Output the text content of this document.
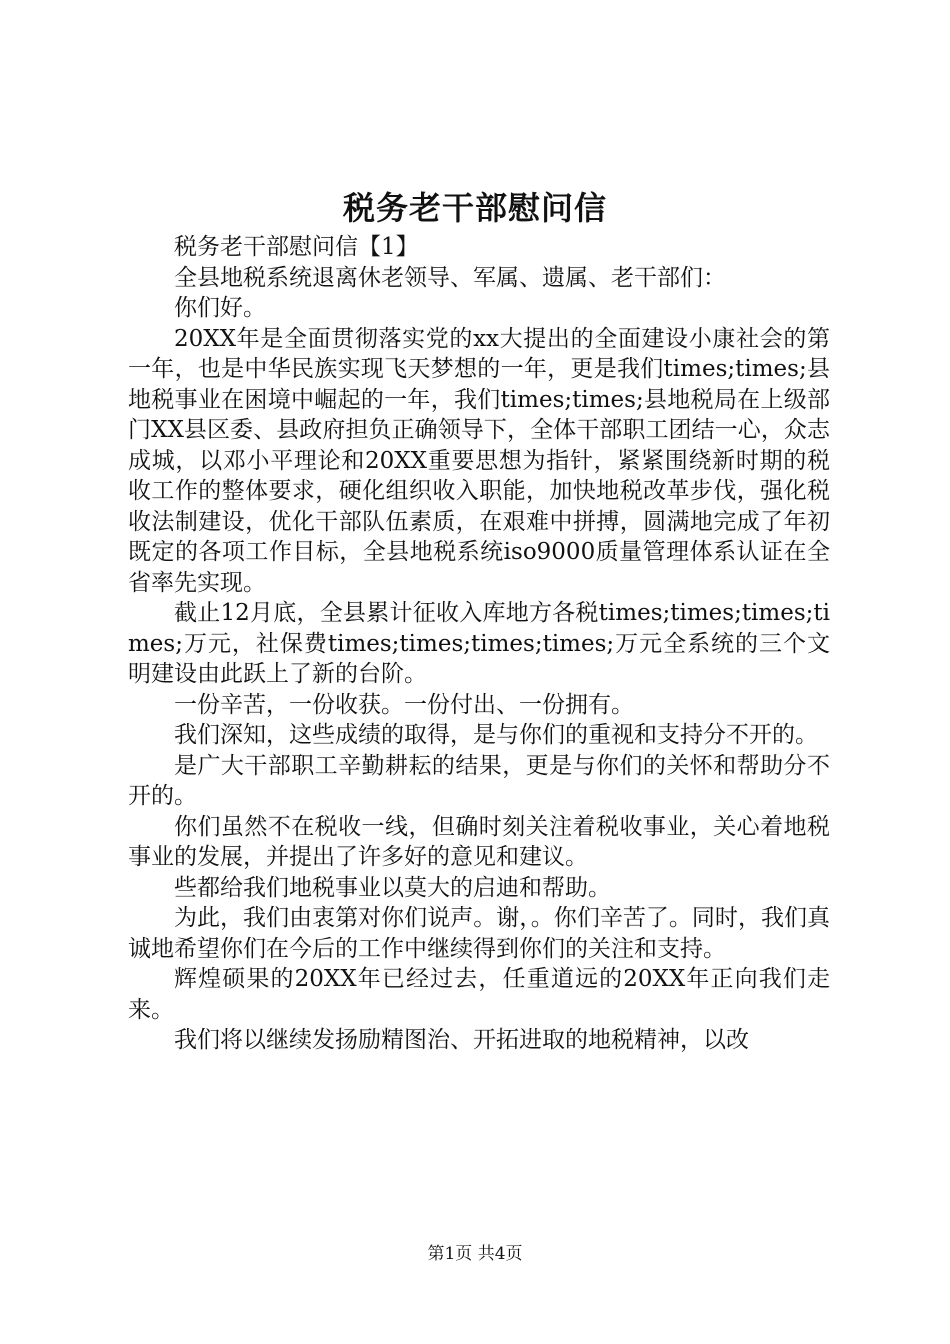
税务老干部慰问信

税务老干部慰问信【1】

全县地税系统退离休老领导、军属、遗属、老干部们：

你们好。

20XX年是全面贯彻落实党的xx大提出的全面建设小康社会的第一年，也是中华民族实现飞天梦想的一年，更是我们times;times;县地税事业在困境中崛起的一年，我们times;times;县地税局在上级部门XX县区委、县政府担负正确领导下，全体干部职工团结一心，众志成城，以邓小平理论和20XX重要思想为指针，紧紧围绕新时期的税收工作的整体要求，硬化组织收入职能，加快地税改革步伐，强化税收法制建设，优化干部队伍素质，在艰难中拼搏，圆满地完成了年初既定的各项工作目标，全县地税系统iso9000质量管理体系认证在全省率先实现。

截止12月底，全县累计征收入库地方各税times;times;times;times;万元，社保费times;times;times;times;万元全系统的三个文明建设由此跃上了新的台阶。

一份辛苦，一份收获。一份付出、一份拥有。

我们深知，这些成绩的取得，是与你们的重视和支持分不开的。

是广大干部职工辛勤耕耘的结果，更是与你们的关怀和帮助分不开的。

你们虽然不在税收一线，但确时刻关注着税收事业，关心着地税事业的发展，并提出了许多好的意见和建议。

些都给我们地税事业以莫大的启迪和帮助。

为此，我们由衷第对你们说声。谢，。你们辛苦了。同时，我们真诚地希望你们在今后的工作中继续得到你们的关注和支持。

辉煌硕果的20XX年已经过去，任重道远的20XX年正向我们走来。

我们将以继续发扬励精图治、开拓进取的地税精神，以改

第1页 共4页
